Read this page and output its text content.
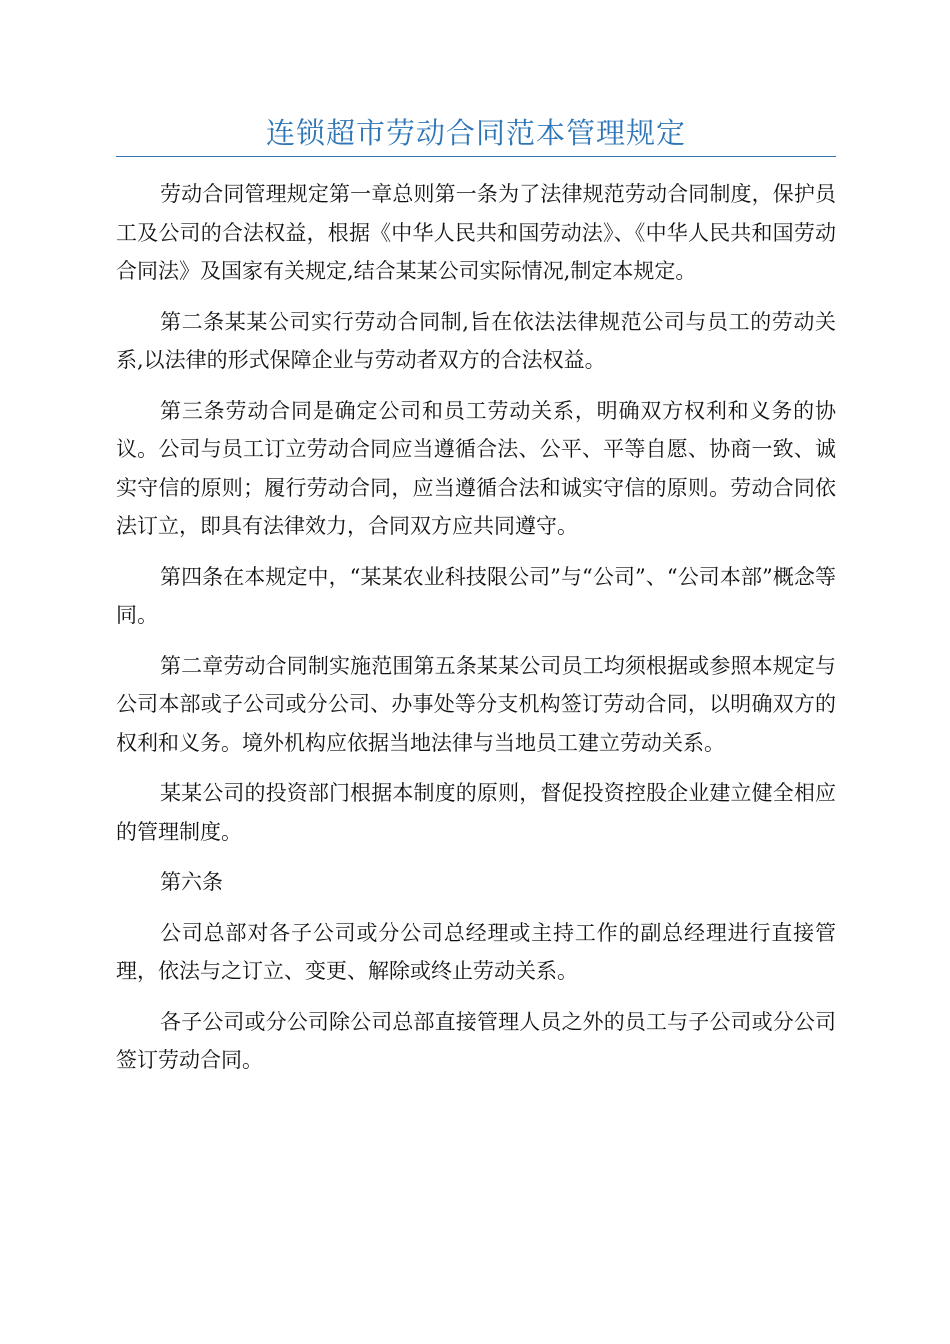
连锁超市劳动合同范本管理规定

劳动合同管理规定第一章总则第一条为了法律规范劳动合同制度，保护员工及公司的合法权益，根据《中华人民共和国劳动法》、《中华人民共和国劳动合同法》及国家有关规定,结合某某公司实际情况,制定本规定。

第二条某某公司实行劳动合同制,旨在依法法律规范公司与员工的劳动关系,以法律的形式保障企业与劳动者双方的合法权益。

第三条劳动合同是确定公司和员工劳动关系，明确双方权利和义务的协议。公司与员工订立劳动合同应当遵循合法、公平、平等自愿、协商一致、诚实守信的原则；履行劳动合同，应当遵循合法和诚实守信的原则。劳动合同依法订立，即具有法律效力，合同双方应共同遵守。

第四条在本规定中，“某某农业科技限公司”与“公司”、“公司本部”概念等同。

第二章劳动合同制实施范围第五条某某公司员工均须根据或参照本规定与公司本部或子公司或分公司、办事处等分支机构签订劳动合同，以明确双方的权利和义务。境外机构应依据当地法律与当地员工建立劳动关系。

某某公司的投资部门根据本制度的原则，督促投资控股企业建立健全相应的管理制度。

第六条

公司总部对各子公司或分公司总经理或主持工作的副总经理进行直接管理，依法与之订立、变更、解除或终止劳动关系。

各子公司或分公司除公司总部直接管理人员之外的员工与子公司或分公司签订劳动合同。
